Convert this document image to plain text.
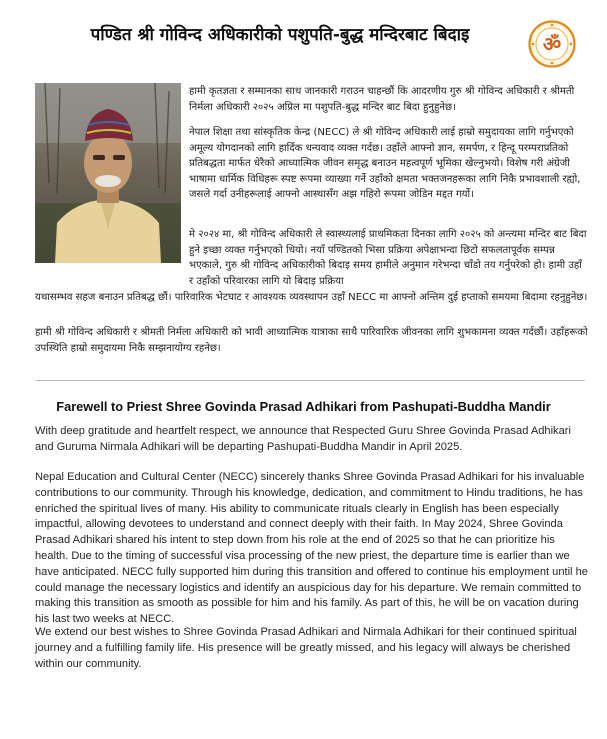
पण्डित श्री गोविन्द अधिकारीको पशुपति-बुद्ध मन्दिरबाट बिदाइ	ॐ
हामी कृतज्ञता र सम्मानका साथ जानकारी गराउन चाहन्छौं कि आदरणीय गुरु श्री गोविन्द अधिकारी र श्रीमती निर्मला अधिकारी २०२५ अप्रिल मा पशुपति-बुद्ध मन्दिर बाट बिदा हुनुहुनेछ।
नेपाल शिक्षा तथा सांस्कृतिक केन्द्र (NECC) ले श्री गोविन्द अधिकारी लाई हाम्रो समुदायका लागि गर्नुभएको अमूल्य योगदानको लागि हार्दिक धन्यवाद व्यक्त गर्दछ। उहाँले आफ्नो ज्ञान, समर्पण, र हिन्दू परम्पराप्रतिको प्रतिबद्धता मार्फत धेरैको आध्यात्मिक जीवन समृद्ध बनाउन महत्वपूर्ण भूमिका खेल्नुभयो। विशेष गरी अंग्रेजी भाषामा धार्मिक विधिहरू स्पष्ट रूपमा व्याख्या गर्ने उहाँको क्षमता भक्तजनहरूका लागि निकै प्रभावशाली रह्यो, जसले गर्दा उनीहरूलाई आफ्नो आस्थासँग अझ गहिरो रूपमा जोडिन मद्दत गर्यो।
मे २०२४ मा, श्री गोविन्द अधिकारी ले स्वास्थ्यलाई प्राथमिकता दिनका लागि २०२५ को अन्त्यमा मन्दिर बाट बिदा हुने इच्छा व्यक्त गर्नुभएको थियो। नयाँ पण्डितको भिसा प्रक्रिया अपेक्षाभन्दा छिटो सफलतापूर्वक सम्पन्न भएकाले, गुरु श्री गोविन्द अधिकारीको बिदाइ समय हामीले अनुमान गरेभन्दा चाँडो तय गर्नुपरेको हो। हामी उहाँ र उहाँको परिवारका लागि यो बिदाइ प्रक्रिया
यथासम्भव सहज बनाउन प्रतिबद्ध छौं। पारिवारिक भेटघाट र आवश्यक व्यवस्थापन उहाँ NECC मा आफ्नो अन्तिम दुई हप्ताको समयमा बिदामा रहनुहुनेछ।
हामी श्री गोविन्द अधिकारी र श्रीमती निर्मला अधिकारी को भावी आध्यात्मिक यात्राका साथै पारिवारिक जीवनका लागि शुभकामना व्यक्त गर्दछौं। उहाँहरूको उपस्थिति हाम्रो समुदायमा निकै सम्झनायोग्य रहनेछ।
Farewell to Priest Shree Govinda Prasad Adhikari from Pashupati-Buddha Mandir
With deep gratitude and heartfelt respect, we announce that Respected Guru Shree Govinda Prasad Adhikari and Guruma Nirmala Adhikari will be departing Pashupati-Buddha Mandir in April 2025.
Nepal Education and Cultural Center (NECC) sincerely thanks Shree Govinda Prasad Adhikari for his invaluable contributions to our community. Through his knowledge, dedication, and commitment to Hindu traditions, he has enriched the spiritual lives of many. His ability to communicate rituals clearly in English has been especially impactful, allowing devotees to understand and connect deeply with their faith. In May 2024, Shree Govinda Prasad Adhikari shared his intent to step down from his role at the end of 2025 so that he can prioritize his health. Due to the timing of successful visa processing of the new priest, the departure time is earlier than we have anticipated. NECC fully supported him during this transition and offered to continue his employment until he could manage the necessary logistics and identify an auspicious day for his departure. We remain committed to making this transition as smooth as possible for him and his family. As part of this, he will be on vacation during his last two weeks at NECC.
We extend our best wishes to Shree Govinda Prasad Adhikari and Nirmala Adhikari for their continued spiritual journey and a fulfilling family life. His presence will be greatly missed, and his legacy will always be cherished within our community.
